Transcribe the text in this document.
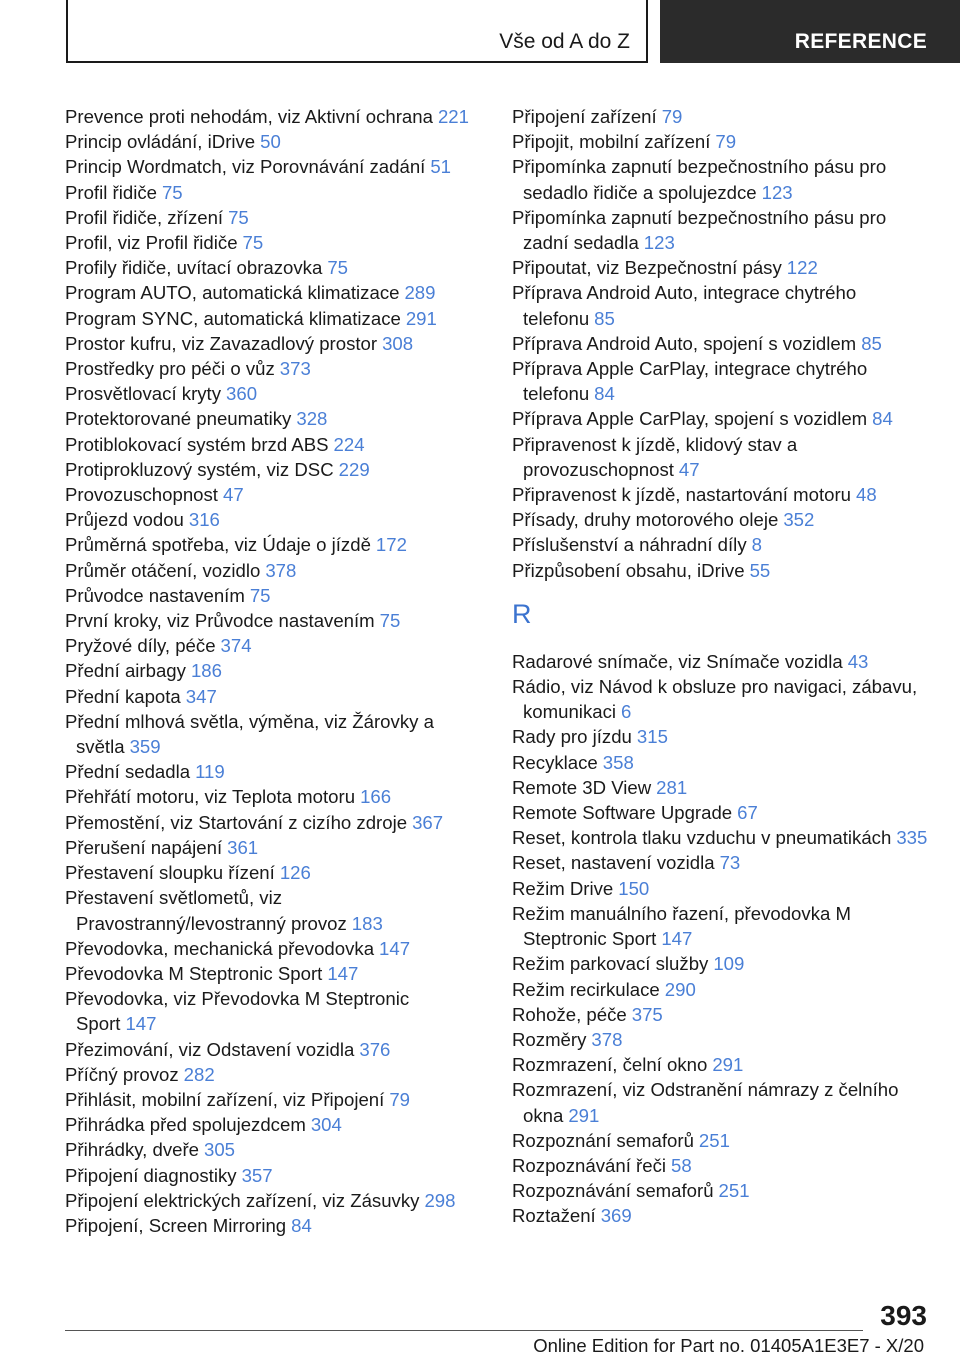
Vše od A do Z	REFERENCE
Prevence proti nehodám, viz Aktivní ochrana 221
Princip ovládání, iDrive 50
Princip Wordmatch, viz Porovnávání zadání 51
Profil řidiče 75
Profil řidiče, zřízení 75
Profil, viz Profil řidiče 75
Profily řidiče, uvítací obrazovka 75
Program AUTO, automatická klimatizace 289
Program SYNC, automatická klimatizace 291
Prostor kufru, viz Zavazadlový prostor 308
Prostředky pro péči o vůz 373
Prosvětlovací kryty 360
Protektorované pneumatiky 328
Protiblokovací systém brzd ABS 224
Protiprokluzový systém, viz DSC 229
Provozuschopnost 47
Průjezd vodou 316
Průměrná spotřeba, viz Údaje o jízdě 172
Průměr otáčení, vozidlo 378
Průvodce nastavením 75
První kroky, viz Průvodce nastavením 75
Pryžové díly, péče 374
Přední airbagy 186
Přední kapota 347
Přední mlhová světla, výměna, viz Žárovky a světla 359
Přední sedadla 119
Přehřátí motoru, viz Teplota motoru 166
Přemostění, viz Startování z cizího zdroje 367
Přerušení napájení 361
Přestavení sloupku řízení 126
Přestavení světlometů, viz Pravostranný/levostranný provoz 183
Převodovka, mechanická převodovka 147
Převodovka M Steptronic Sport 147
Převodovka, viz Převodovka M Steptronic Sport 147
Přezimování, viz Odstavení vozidla 376
Příčný provoz 282
Přihlásit, mobilní zařízení, viz Připojení 79
Přihrádka před spolujezdcem 304
Přihrádky, dveře 305
Připojení diagnostiky 357
Připojení elektrických zařízení, viz Zásuvky 298
Připojení, Screen Mirroring 84
Připojení zařízení 79
Připojit, mobilní zařízení 79
Připomínka zapnutí bezpečnostního pásu pro sedadlo řidiče a spolujezdce 123
Připomínka zapnutí bezpečnostního pásu pro zadní sedadla 123
Připoutat, viz Bezpečnostní pásy 122
Příprava Android Auto, integrace chytrého telefonu 85
Příprava Android Auto, spojení s vozidlem 85
Příprava Apple CarPlay, integrace chytrého telefonu 84
Příprava Apple CarPlay, spojení s vozidlem 84
Připravenost k jízdě, klidový stav a provozuschopnost 47
Připravenost k jízdě, nastartování motoru 48
Přísady, druhy motorového oleje 352
Příslušenství a náhradní díly 8
Přizpůsobení obsahu, iDrive 55
R
Radarové snímače, viz Snímače vozidla 43
Rádio, viz Návod k obsluze pro navigaci, zábavu, komunikaci 6
Rady pro jízdu 315
Recyklace 358
Remote 3D View 281
Remote Software Upgrade 67
Reset, kontrola tlaku vzduchu v pneumatikách 335
Reset, nastavení vozidla 73
Režim Drive 150
Režim manuálního řazení, převodovka M Steptronic Sport 147
Režim parkovací služby 109
Režim recirkulace 290
Rohože, péče 375
Rozměry 378
Rozmrazení, čelní okno 291
Rozmrazení, viz Odstranění námrazy z čelního okna 291
Rozpoznání semaforů 251
Rozpoznávání řeči 58
Rozpoznávání semaforů 251
Roztažení 369
393
Online Edition for Part no. 01405A1E3E7 - X/20
